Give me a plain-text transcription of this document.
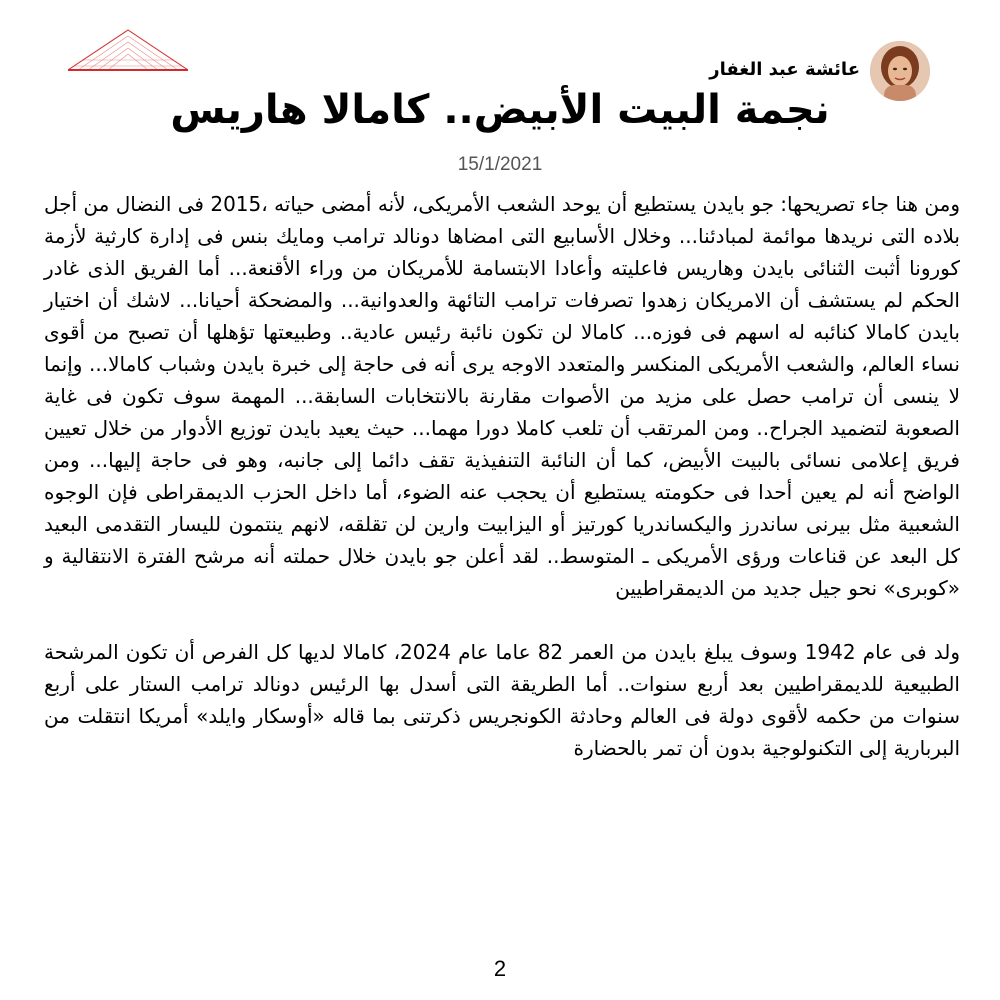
عائشة عبد الغفار
نجمة البيت الأبيض.. كامالا هاريس
15/1/2021

ومن هنا جاء تصريحها: جو بايدن يستطيع أن يوحد الشعب الأمريكى، لأنه أمضى حياته ،2015 فى النضال من أجل بلاده التى نريدها موائمة لمبادئنا... وخلال الأسابيع التى امضاها دونالد ترامب ومايك بنس فى إدارة كارثية لأزمة كورونا أثبت الثنائى بايدن وهاريس فاعليته وأعادا الابتسامة للأمريكان من وراء الأقنعة... أما الفريق الذى غادر الحكم لم يستشف أن الامريكان زهدوا تصرفات ترامب التائهة والعدوانية... والمضحكة أحيانا... لاشك أن اختيار بايدن كامالا كنائبه له اسهم فى فوزه... كامالا لن تكون نائبة رئيس عادية.. وطبيعتها تؤهلها أن تصبح من أقوى نساء العالم، والشعب الأمريكى المنكسر والمتعدد الاوجه يرى أنه فى حاجة إلى خبرة بايدن وشباب كامالا... وإنما لا ينسى أن ترامب حصل على مزيد من الأصوات مقارنة بالانتخابات السابقة... المهمة سوف تكون فى غاية الصعوبة لتضميد الجراح.. ومن المرتقب أن تلعب كاملا دورا مهما... حيث يعيد بايدن توزيع الأدوار من خلال تعيين فريق إعلامى نسائى بالبيت الأبيض، كما أن النائبة التنفيذية تقف دائما إلى جانبه، وهو فى حاجة إليها... ومن الواضح أنه لم يعين أحدا فى حكومته يستطيع أن يحجب عنه الضوء، أما داخل الحزب الديمقراطى فإن الوجوه الشعبية مثل بيرنى ساندرز واليكساندريا كورتيز أو اليزابيت وارين لن تقلقه، لانهم ينتمون لليسار التقدمى البعيد كل البعد عن قناعات ورؤى الأمريكى ـ المتوسط.. لقد أعلن جو بايدن خلال حملته أنه مرشح الفترة الانتقالية و «كوبرى» نحو جيل جديد من الديمقراطيين

ولد فى عام 1942 وسوف يبلغ بايدن من العمر 82 عاما عام 2024، كامالا لديها كل الفرص أن تكون المرشحة الطبيعية للديمقراطيين بعد أربع سنوات.. أما الطريقة التى أسدل بها الرئيس دونالد ترامب الستار على أربع سنوات من حكمه لأقوى دولة فى العالم وحادثة الكونجريس ذكرتنى بما قاله «أوسكار وايلد» أمريكا انتقلت من البربارية إلى التكنولوجية بدون أن تمر بالحضارة

2
